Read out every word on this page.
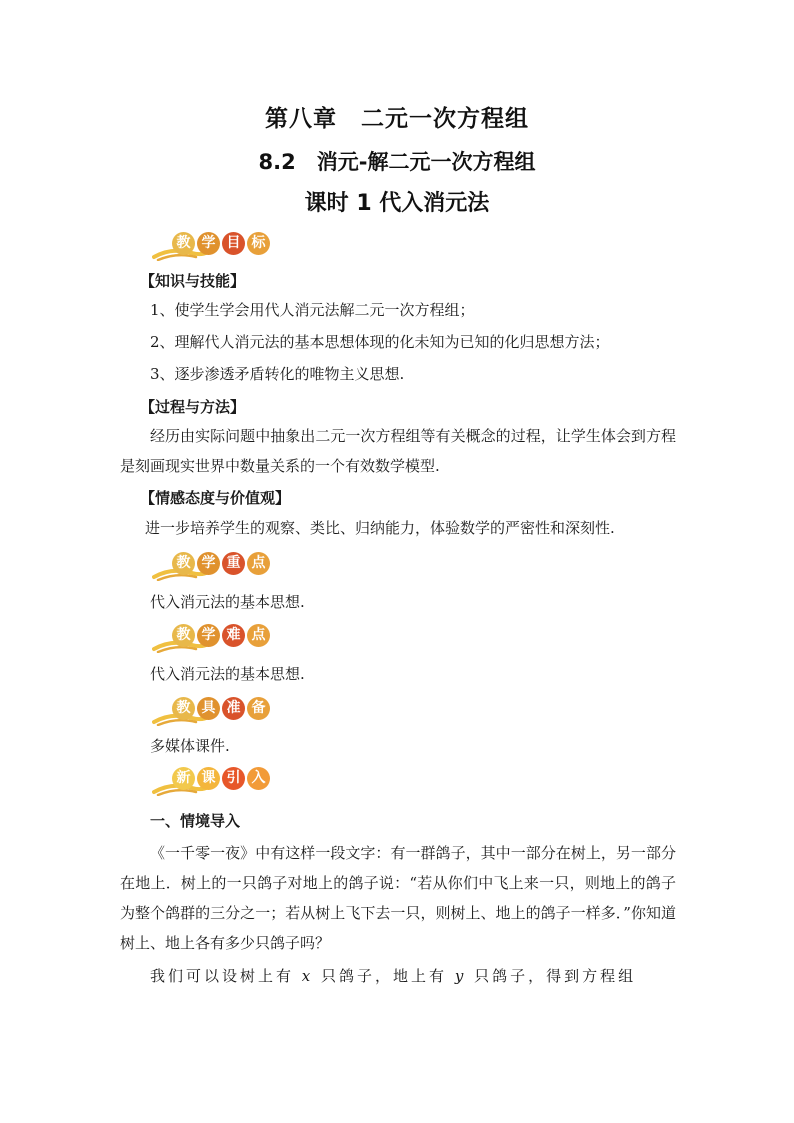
第八章　二元一次方程组
8.2　消元-解二元一次方程组
课时 1 代入消元法
教 学 目 标
【知识与技能】
1、使学生学会用代人消元法解二元一次方程组；
2、理解代人消元法的基本思想体现的化未知为已知的化归思想方法；
3、逐步渗透矛盾转化的唯物主义思想.
【过程与方法】
经历由实际问题中抽象出二元一次方程组等有关概念的过程，让学生体会到方程是刻画现实世界中数量关系的一个有效数学模型.
【情感态度与价值观】
进一步培养学生的观察、类比、归纳能力，体验数学的严密性和深刻性.
教 学 重 点
代入消元法的基本思想.
教 学 难 点
代入消元法的基本思想.
教 具 准 备
多媒体课件.
新 课 引 入
一、情境导入
《一千零一夜》中有这样一段文字：有一群鸽子，其中一部分在树上，另一部分在地上．树上的一只鸽子对地上的鸽子说：“若从你们中飞上来一只，则地上的鸽子为整个鸽群的三分之一；若从树上飞下去一只，则树上、地上的鸽子一样多．”你知道树上、地上各有多少只鸽子吗？
我们可以设树上有 x 只鸽子，地上有 y 只鸽子，得到方程组
